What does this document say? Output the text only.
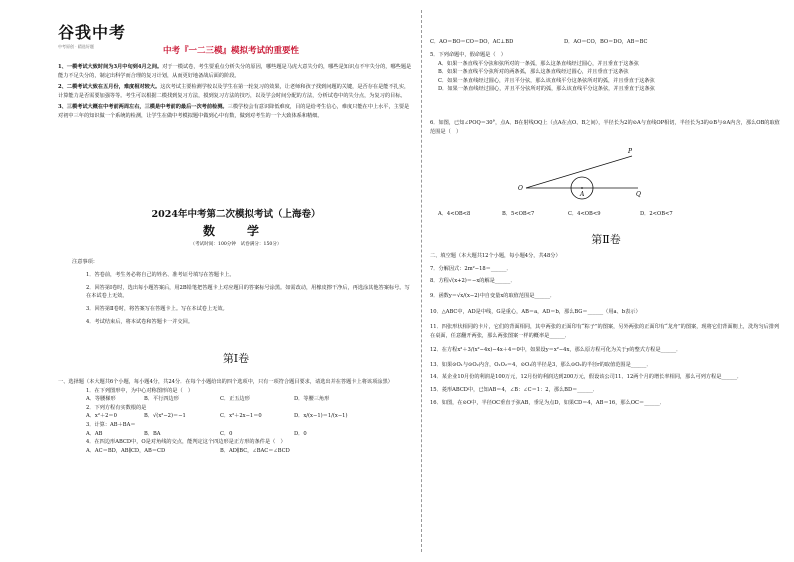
谷我中考
中考原创 · 精选好题	中考『一二三模』模拟考试的重要性

1、一模考试大致时间为3月中旬到4月之间。对于一模试卷，考生要重点分析失分的原因，哪些题是马虎大意失分的，哪些是知识点不牢失分的，哪些题是能力不足失分的，制定出科学而合理的复习计划，从而更好地备战后面的阶段。

2、二模考试大致在五月份，难度相对较大。这次考试主要检测学校以及学生在第一轮复习的效果，让老师和孩子找到问题的关键，是否存在是能不扎实，计算能力是否需要加强等等。考生可以根据二模找到复习方法，摸到复习方法的技巧，以及学会时间分配的方法，分析试卷中的失分点，为复习的目标。

3、三模考试大概在中考前两周左右，三模是中考前的最后一次考前检测。三模学校会有意识降低难度，目的是给考生信心，难度只能在中上水平，主要是对初中三年的知识做一个系统的检测，让学生在做中考模拟题中做到心中有数，做到对考生的一个大致体系和精细。

2024年中考第二次模拟考试（上海卷）
数　学
（考试时间：100分钟　试卷满分：150分）

注意事项：

1．答卷前，考生务必将自己的姓名、准考证号填写在答题卡上。

2．回答第Ⅰ卷时，选出每小题答案后，用2B铅笔把答题卡上对应题目的答案标号涂黑。如需改动，用橡皮擦干净后，再选涂其他答案标号。写在本试卷上无效。

3．回答第Ⅱ卷时，将答案写在答题卡上。写在本试卷上无效。

4．考试结束后，将本试卷和答题卡一并交回。

第Ⅰ卷

一、选择题（本大题共6个小题，每小题4分，共24分．在每个小题给出的四个选项中，只有一项符合题目要求，请选出并在答题卡上将该项涂黑）

1．在下列图形中，为中心对称图形的是（　）

A．等腰梯形	B．平行四边形	C．正五边形	D．等腰三角形

2．下列方程有实数根的是

A．x²＋2＝0	B．√(x²−2)＝−1	C．x²＋2x−1＝0	D．x/(x−1)＝1/(x−1)

3．计算：AB＋BA＝

A．AB	B．BA	C．0	D．0

4．在四边形ABCD中，O是对角线的交点，能判定这个四边形是正方形的条件是（　）

A．AC＝BD，AB∥CD，AB＝CD	B．AD∥BC，∠BAC＝∠BCD

C．AO＝BO＝CO＝DO，AC⊥BD	D．AO＝CO，BO＝DO，AB＝BC

5．下列命题中，假命题是（　）

A．如果一条直线平分弦和弦所对的一条弧，那么这条直线经过圆心，并且垂直于这条弦

B．如果一条直线平分弦所对的两条弧，那么这条直线经过圆心，并且垂直于这条弦

C．如果一条直线经过圆心，并且平分弦，那么该直线平分这条弦所对的弧，并且垂直于这条弦

D．如果一条直线经过圆心，并且平分弦所对的弧，那么该直线平分这条弦，并且垂直于这条弦

6．如图，已知∠POQ＝30°，点A、B在射线OQ上（点A在点O、B之间），半径长为2的⊙A与直线OP相切，半径长为3的⊙B与⊙A内含，那么OB的取值范围是（　）

O
P
A	Q

A．4<OB<8	B．5<OB<7	C．4<OB<9	D．2<OB<7

第Ⅱ卷

二、填空题（本大题共12个小题，每小题4分，共48分）

7．分解因式：2m²−18＝______．

8．方程√(x+2)＝−x的解是______．

9．函数y＝√x/(x−2)中自变量x的取值范围是______．

10．△ABC中，AD是中线，G是重心，AB＝a，AD＝b，那么BG＝______（用a、b表示）

11．四张形状相同的卡片，它们的背面相同，其中两张的正面印有“粽子”的图案，另外两张的正面印有“龙舟”的图案，现将它们背面朝上，洗均匀后排列在桌面，任意翻开两张，那么两张图案一样的概率是______．

12．在方程x²＋3/(x²−4x)−4x＋4＝0中，如果设y＝x²−4x，那么原方程可化为关于y的整式方程是______．

13．如果⊙O₁与⊙O₂内含，O₁O₂＝4，⊙O₁的半径是3，那么⊙O₂的半径r的取值范围是______．

14．某企业10月份的利润是100万元，12月份的利润达到200万元，假设该公司11、12两个月的增长率相同，那么可列方程是______．

15．菱形ABCD中，已知AB＝4，∠B：∠C＝1：2，那么BD＝______．

16．如图，在⊙O中，半径OC垂直于弦AB，垂足为点D，如果CD＝4，AB＝16，那么OC＝______．
